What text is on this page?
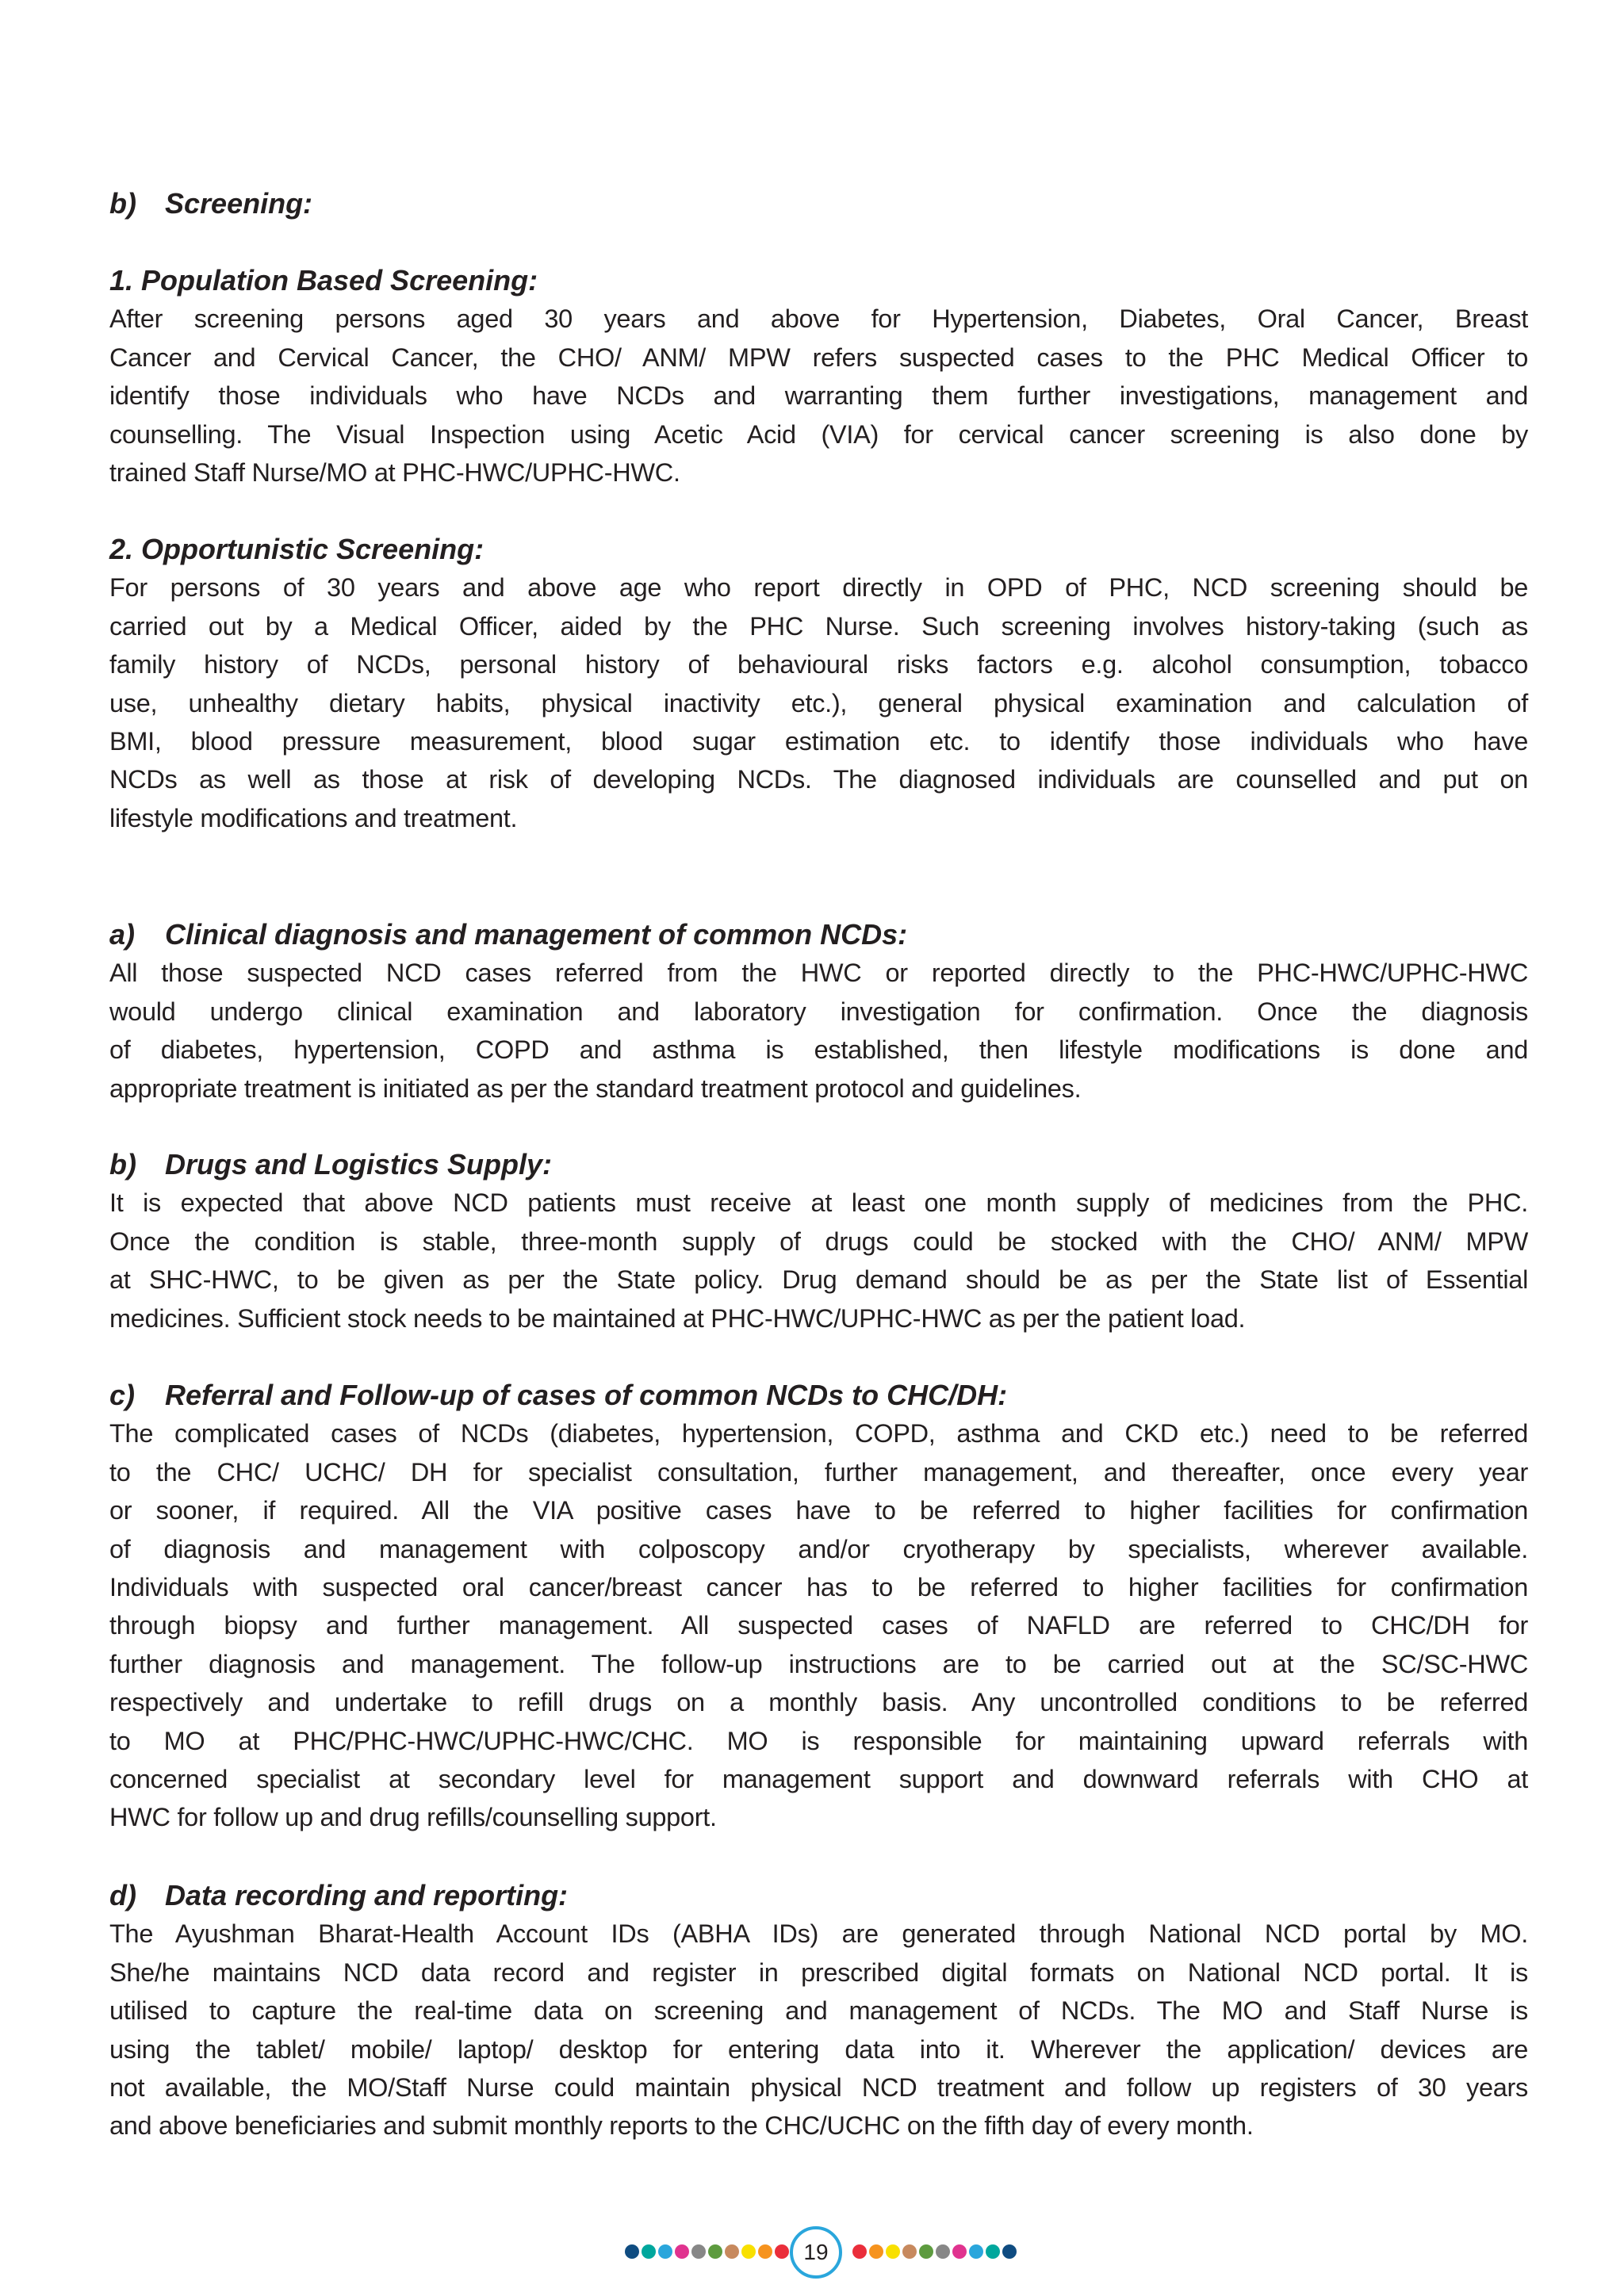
b) Screening:
1. Population Based Screening:
After screening persons aged 30 years and above for Hypertension, Diabetes, Oral Cancer, Breast
Cancer and Cervical Cancer, the CHO/ ANM/ MPW refers suspected cases to the PHC Medical Officer to
identify those individuals who have NCDs and warranting them further investigations, management and
counselling. The Visual Inspection using Acetic Acid (VIA) for cervical cancer screening is also done by
trained Staff Nurse/MO at PHC-HWC/UPHC-HWC.
2. Opportunistic Screening:
For persons of 30 years and above age who report directly in OPD of PHC, NCD screening should be
carried out by a Medical Officer, aided by the PHC Nurse. Such screening involves history-taking (such as
family history of NCDs, personal history of behavioural risks factors e.g. alcohol consumption, tobacco
use, unhealthy dietary habits, physical inactivity etc.), general physical examination and calculation of
BMI, blood pressure measurement, blood sugar estimation etc. to identify those individuals who have
NCDs as well as those at risk of developing NCDs. The diagnosed individuals are counselled and put on
lifestyle modifications and treatment.
a) Clinical diagnosis and management of common NCDs:
All those suspected NCD cases referred from the HWC or reported directly to the PHC-HWC/UPHC-HWC
would undergo clinical examination and laboratory investigation for confirmation. Once the diagnosis
of diabetes, hypertension, COPD and asthma is established, then lifestyle modifications is done and
appropriate treatment is initiated as per the standard treatment protocol and guidelines.
b) Drugs and Logistics Supply:
It is expected that above NCD patients must receive at least one month supply of medicines from the PHC.
Once the condition is stable, three-month supply of drugs could be stocked with the CHO/ ANM/ MPW
at SHC-HWC, to be given as per the State policy. Drug demand should be as per the State list of Essential
medicines. Sufficient stock needs to be maintained at PHC-HWC/UPHC-HWC as per the patient load.
c) Referral and Follow-up of cases of common NCDs to CHC/DH:
The complicated cases of NCDs (diabetes, hypertension, COPD, asthma and CKD etc.) need to be referred
to the CHC/ UCHC/ DH for specialist consultation, further management, and thereafter, once every year
or sooner, if required. All the VIA positive cases have to be referred to higher facilities for confirmation
of diagnosis and management with colposcopy and/or cryotherapy by specialists, wherever available.
Individuals with suspected oral cancer/breast cancer has to be referred to higher facilities for confirmation
through biopsy and further management. All suspected cases of NAFLD are referred to CHC/DH for
further diagnosis and management. The follow-up instructions are to be carried out at the SC/SC-HWC
respectively and undertake to refill drugs on a monthly basis. Any uncontrolled conditions to be referred
to MO at PHC/PHC-HWC/UPHC-HWC/CHC. MO is responsible for maintaining upward referrals with
concerned specialist at secondary level for management support and downward referrals with CHO at
HWC for follow up and drug refills/counselling support.
d) Data recording and reporting:
The Ayushman Bharat-Health Account IDs (ABHA IDs) are generated through National NCD portal by MO.
She/he maintains NCD data record and register in prescribed digital formats on National NCD portal. It is
utilised to capture the real-time data on screening and management of NCDs. The MO and Staff Nurse is
using the tablet/ mobile/ laptop/ desktop for entering data into it. Wherever the application/ devices are
not available, the MO/Staff Nurse could maintain physical NCD treatment and follow up registers of 30 years
and above beneficiaries and submit monthly reports to the CHC/UCHC on the fifth day of every month.
19
